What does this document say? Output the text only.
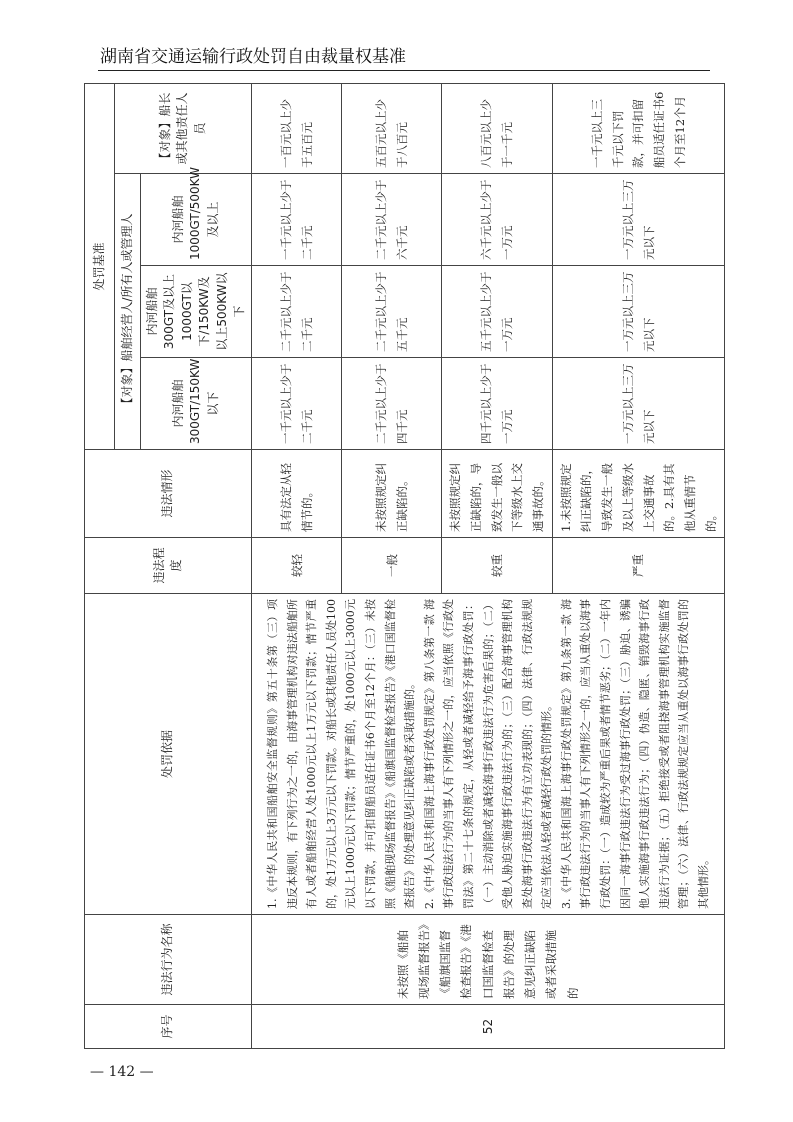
湖南省交通运输行政处罚自由裁量权基准
序号	违法行为名称	处罚依据	违法程度	违法情形	处罚基准			
					【对象】船舶经营人/所有人或管理人			【对象】船长或其他责任人员
					内河船舶300GT/150KW以下	内河船舶300GT及以上1000GT以下/150KW及以上500KW以下	内河船舶1000GT/500KW及以上	
52	未按照《船舶现场监督报告》《船旗国监督检查报告》《港口国监督检查报告》的处理意见纠正缺陷或者采取措施的	1.《中华人民共和国船舶安全监督规则》第五十条第（三）项 违反本规则，有下列行为之一的，由海事管理机构对违法船舶所有人或者船舶经营人处1000元以上1万元以下罚款；情节严重的，处1万元以上3万元以下罚款。对船长或其他责任人员处100元以上1000元以下罚款；情节严重的，处1000元以上3000元以下罚款，并可扣留船员适任证书6个月至12个月：（三）未按照《船舶现场监督报告》《船旗国监督检查报告》《港口国监督检查报告》的处理意见纠正缺陷或者采取措施的。 2.《中华人民共和国海上海事行政处罚规定》第八条第一款 海事行政违法行为的当事人有下列情形之一的，应当依照《行政处罚法》第二十七条的规定，从轻或者减轻给予海事行政处罚：（一）主动消除或者减轻海事行政违法行为危害后果的；（二）受他人胁迫实施海事行政违法行为的；（三）配合海事管理机构查处海事行政违法行为有立功表现的；（四）法律、行政法规规定应当依法从轻或者减轻行政处罚的情形。 3.《中华人民共和国海上海事行政处罚规定》第九条第一款 海事行政违法行为的当事人有下列情形之一的，应当从重处以海事行政处罚：（一）造成较为严重后果或者情节恶劣；（二）一年内因同一海事行政违法行为受过海事行政处罚；（三）胁迫、诱骗他人实施海事行政违法行为；（四）伪造、隐匿、销毁海事行政违法行为证据；（五）拒绝接受或者阻挠海事管理机构实施监督管理；（六）法律、行政法规规定应当从重处以海事行政处罚的其他情形。	较轻	具有法定从轻情节的。	一千元以上少于二千元	二千元以上少于二千元	一千元以上少于二千元	一百元以上少于五百元
			一般	未按照规定纠正缺陷的。	二千元以上少于四千元	二千元以上少于五千元	二千元以上少于六千元	五百元以上少于八百元
			较重	未按照规定纠正缺陷的，导致发生一般以下等级水上交通事故的。	四千元以上少于一万元	五千元以上少于一万元	六千元以上少于一万元	八百元以上少于一千元
			严重	1.未按照规定纠正缺陷的，导致发生一般及以上等级水上交通事故的。2.具有其他从重情节的。	一万元以上三万元以下	一万元以上三万元以下	一万元以上三万元以下	一千元以上三千元以下罚款，并可扣留船员适任证书6个月至12个月
— 142 —
